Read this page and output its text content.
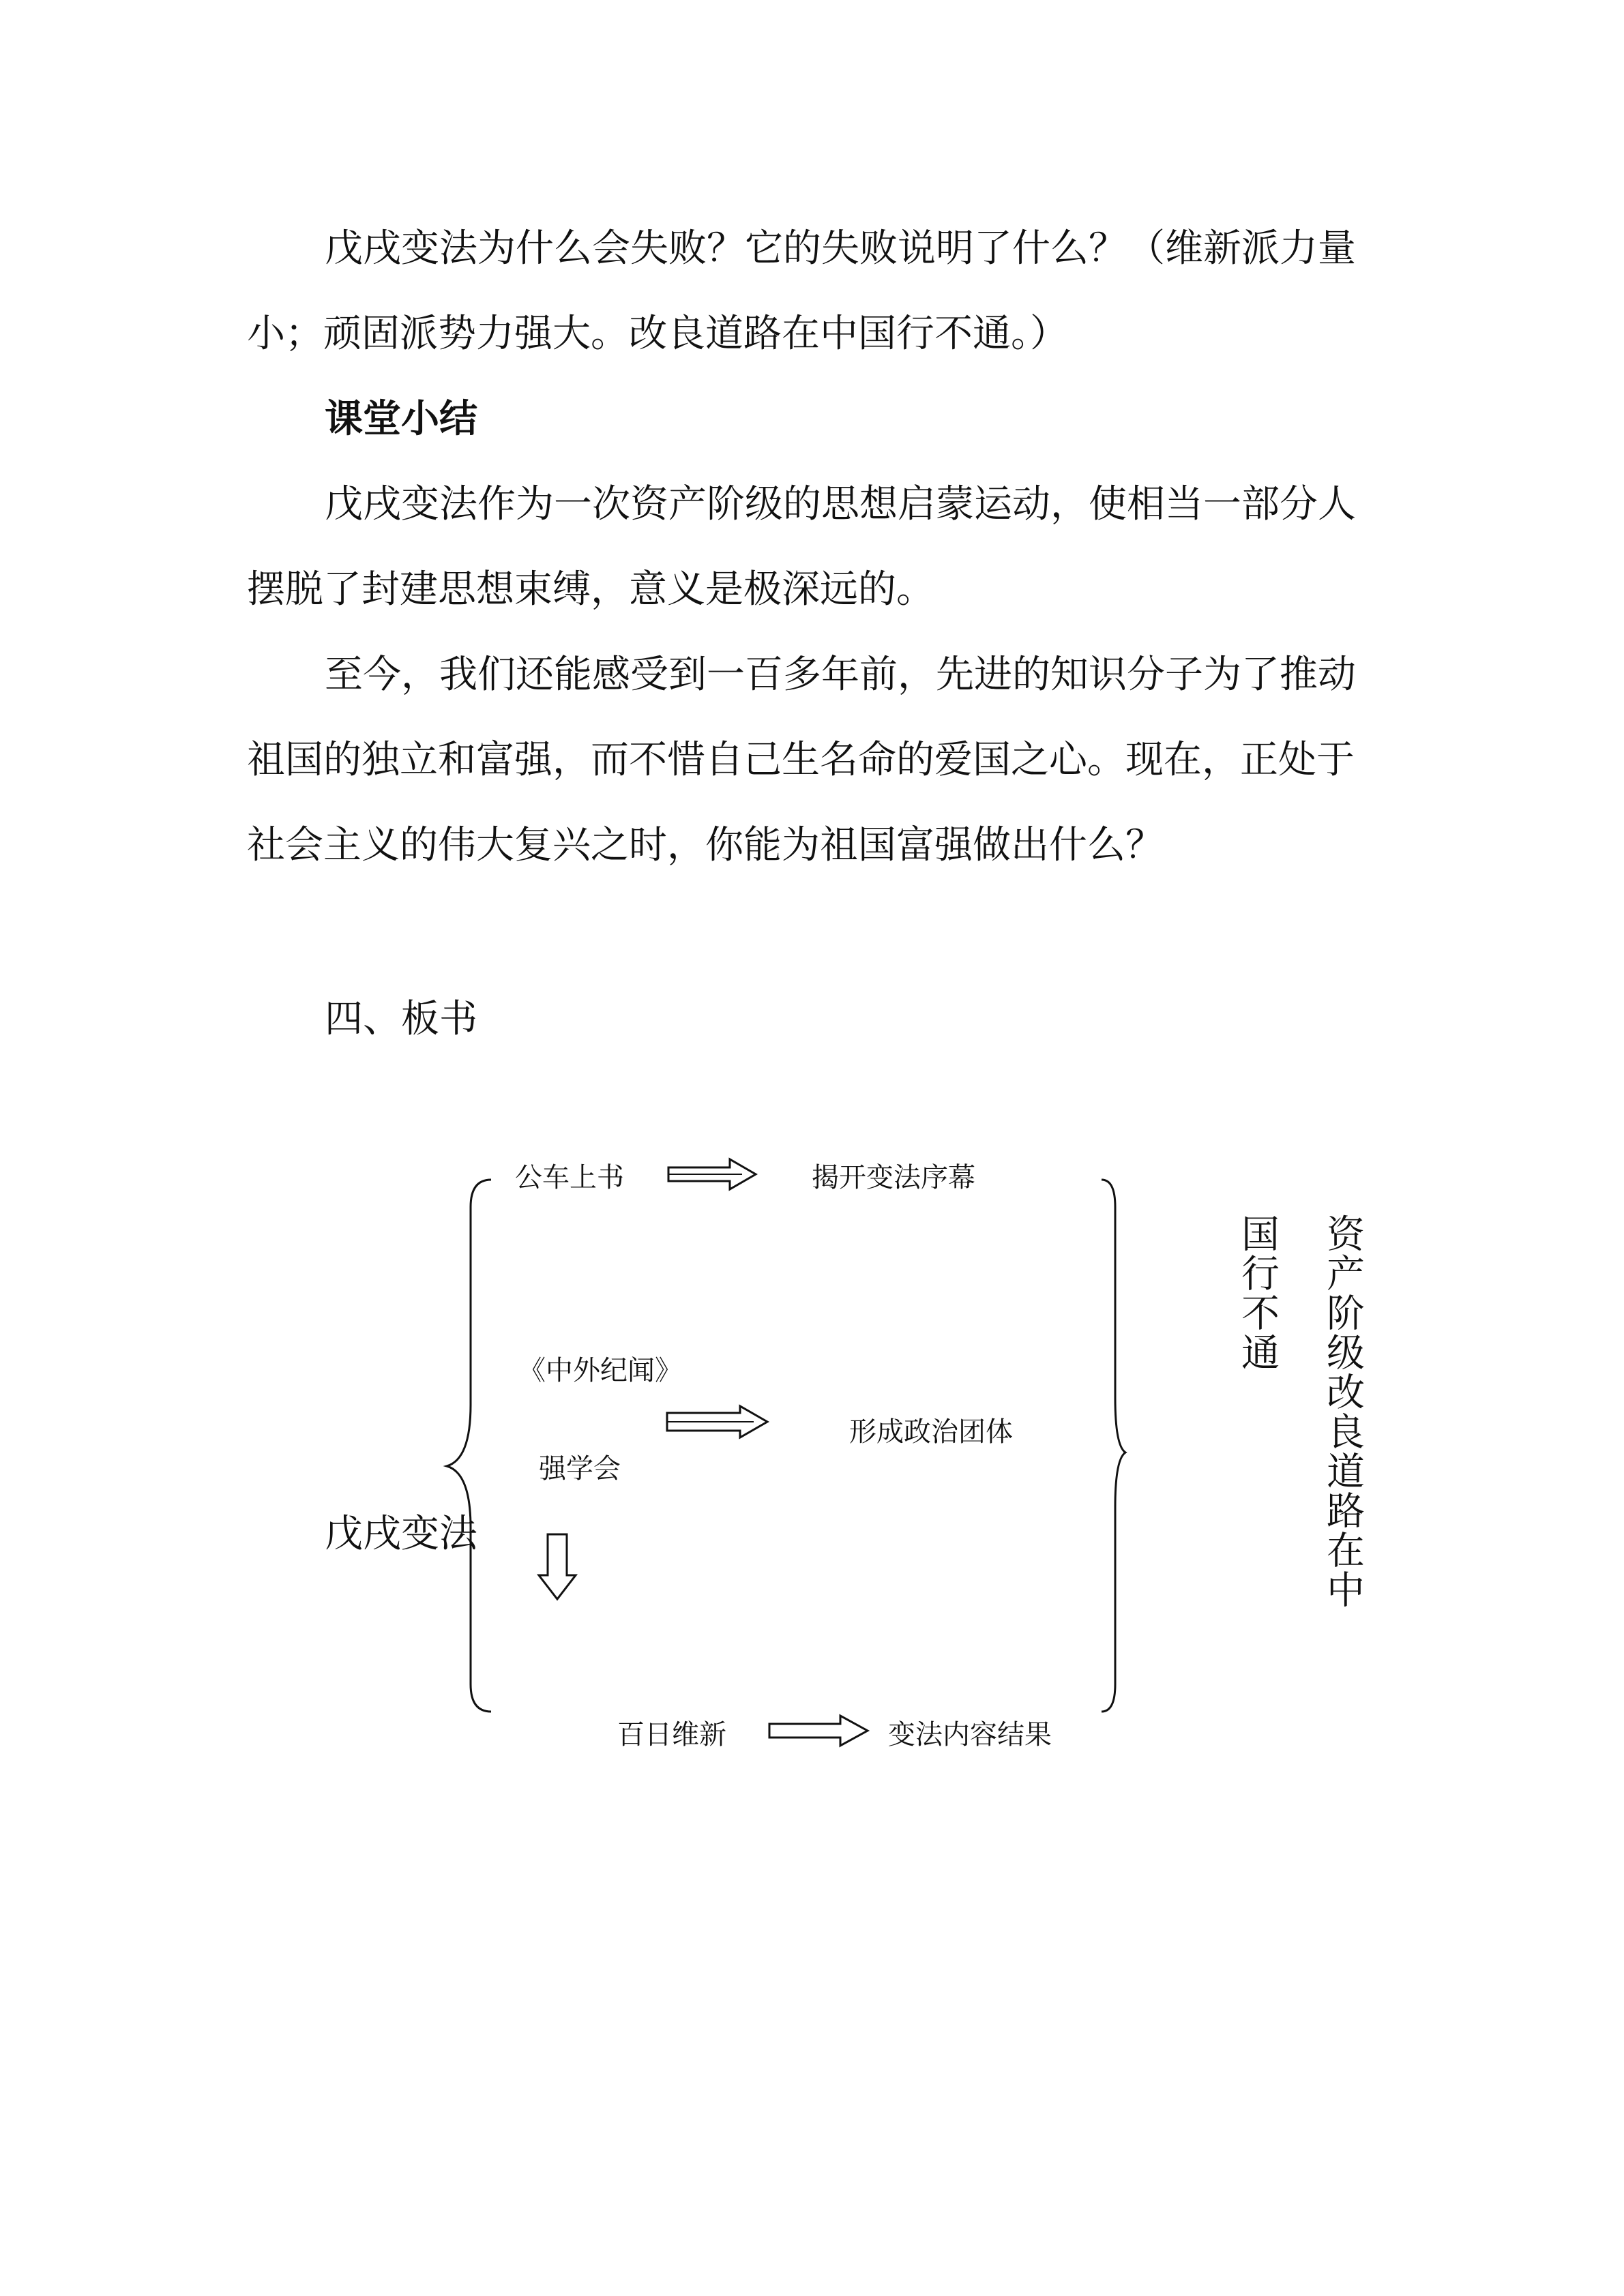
戊戌变法为什么会失败？它的失败说明了什么？（维新派力量
小；顽固派势力强大。改良道路在中国行不通。）
课堂小结
戊戌变法作为一次资产阶级的思想启蒙运动，使相当一部分人
摆脱了封建思想束缚，意义是极深远的。
至今，我们还能感受到一百多年前，先进的知识分子为了推动
祖国的独立和富强，而不惜自己生名命的爱国之心。现在，正处于
社会主义的伟大复兴之时，你能为祖国富强做出什么？
四、板书
公车上书	揭开变法序幕
《中外纪闻》
强学会
形成政治团体
百日维新	变法内容结果
戊戌变法	资产阶级改良道路在中
国行不通
